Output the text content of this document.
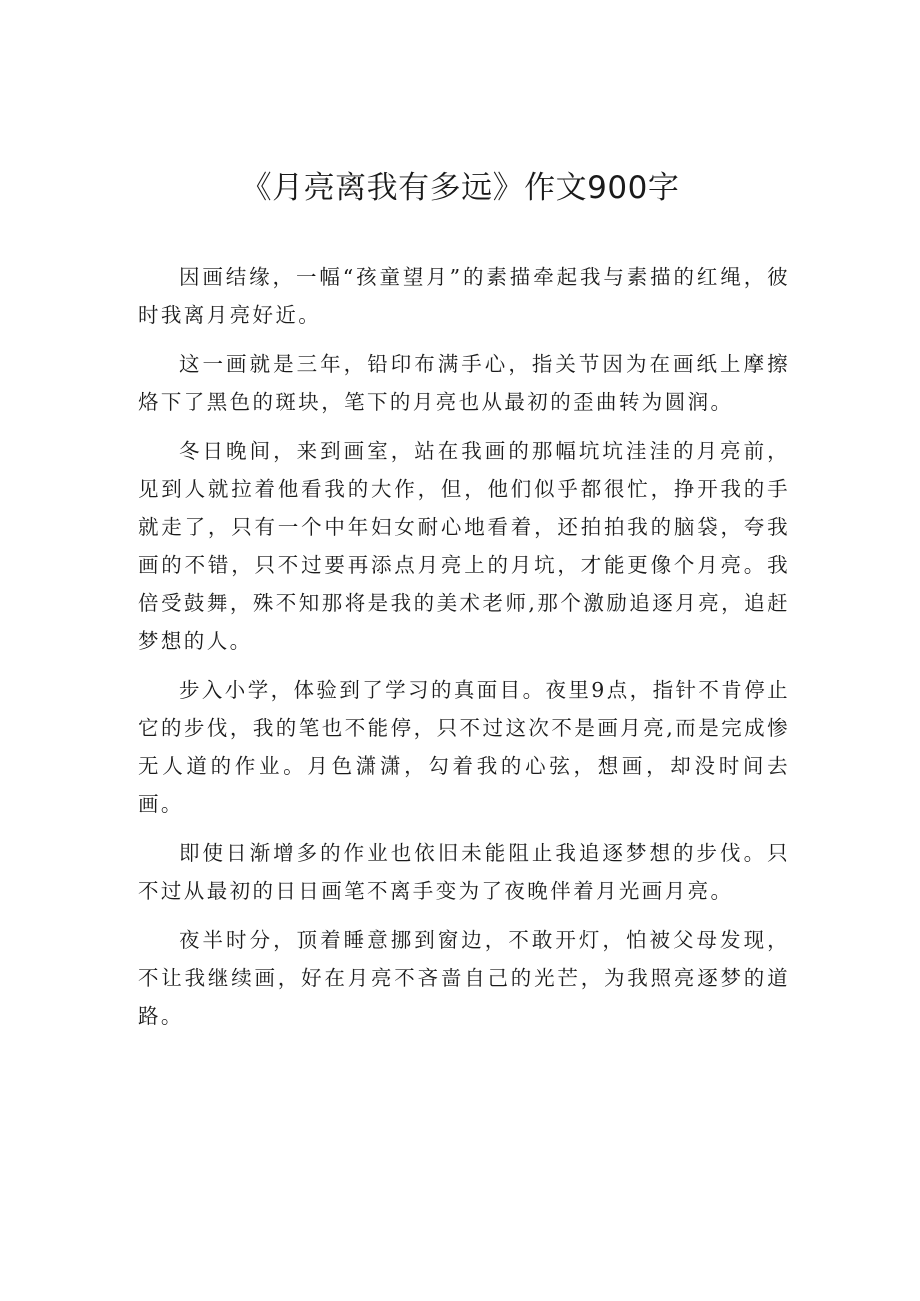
《月亮离我有多远》作文900字

因画结缘，一幅“孩童望月”的素描牵起我与素描的红绳，彼时我离月亮好近。

这一画就是三年，铅印布满手心，指关节因为在画纸上摩擦烙下了黑色的斑块，笔下的月亮也从最初的歪曲转为圆润。

冬日晚间，来到画室，站在我画的那幅坑坑洼洼的月亮前，见到人就拉着他看我的大作，但，他们似乎都很忙，挣开我的手就走了，只有一个中年妇女耐心地看着，还拍拍我的脑袋，夸我画的不错，只不过要再添点月亮上的月坑，才能更像个月亮。我倍受鼓舞，殊不知那将是我的美术老师,那个激励追逐月亮，追赶梦想的人。

步入小学，体验到了学习的真面目。夜里9点，指针不肯停止它的步伐，我的笔也不能停，只不过这次不是画月亮,而是完成惨无人道的作业。月色潇潇，勾着我的心弦，想画，却没时间去画。

即使日渐增多的作业也依旧未能阻止我追逐梦想的步伐。只不过从最初的日日画笔不离手变为了夜晚伴着月光画月亮。

夜半时分，顶着睡意挪到窗边，不敢开灯，怕被父母发现，不让我继续画，好在月亮不吝啬自己的光芒，为我照亮逐梦的道路。
